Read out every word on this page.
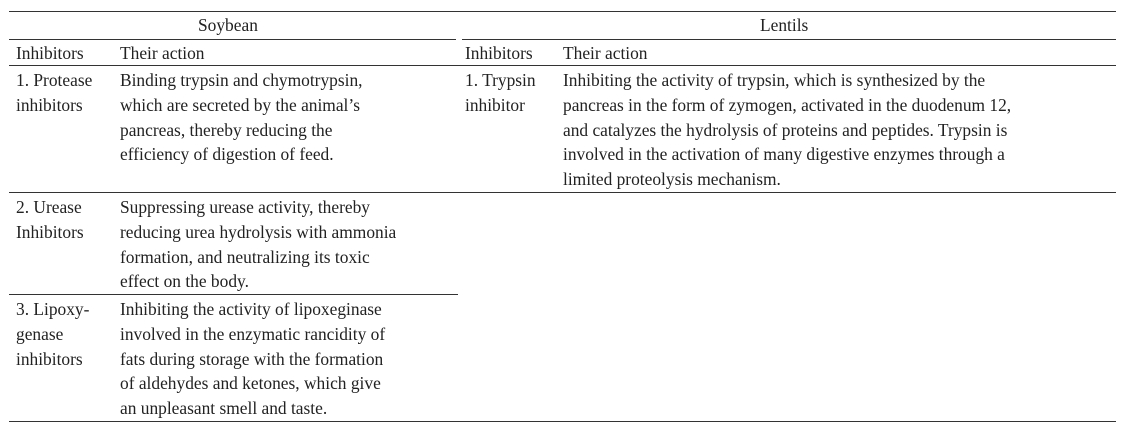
Soybean	Lentils
Inhibitors Their action	Inhibitors Their action
1. Protease
inhibitors
Binding trypsin and chymotrypsin,
which are secreted by the animal’s
pancreas, thereby reducing the
efficiency of digestion of feed.
1. Trypsin
inhibitor
Inhibiting the activity of trypsin, which is synthesized by the
pancreas in the form of zymogen, activated in the duodenum 12,
and catalyzes the hydrolysis of proteins and peptides. Trypsin is
involved in the activation of many digestive enzymes through a
limited proteolysis mechanism.
2. Urease
Inhibitors
Suppressing urease activity, thereby
reducing urea hydrolysis with ammonia
formation, and neutralizing its toxic
effect on the body.
3. Lipoxy-
genase
inhibitors
Inhibiting the activity of lipoxeginase
involved in the enzymatic rancidity of
fats during storage with the formation
of aldehydes and ketones, which give
an unpleasant smell and taste.
